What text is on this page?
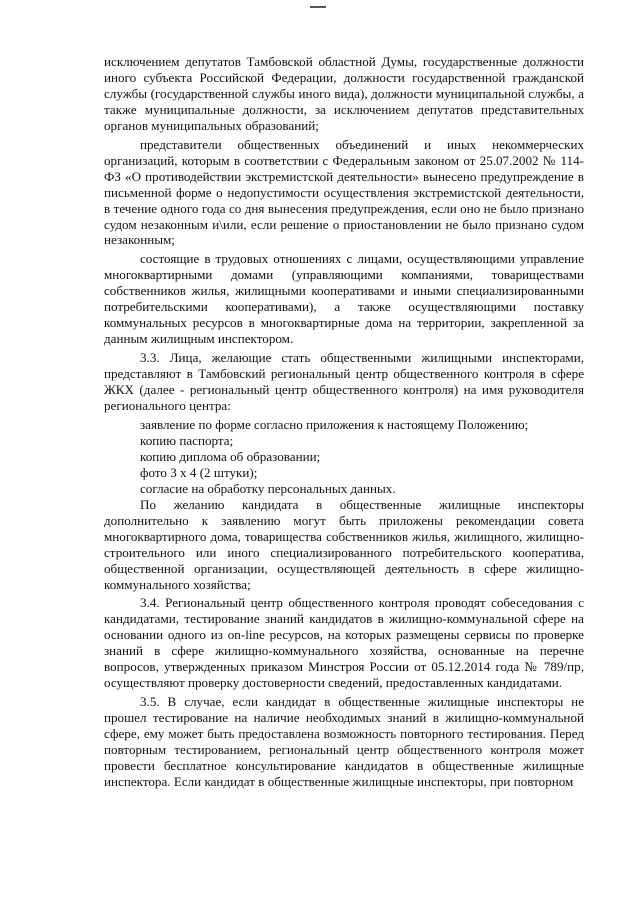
исключением депутатов Тамбовской областной Думы, государственные должности иного субъекта Российской Федерации, должности государственной гражданской службы (государственной службы иного вида), должности муниципальной службы, а также муниципальные должности, за исключением депутатов представительных органов муниципальных образований;

представители общественных объединений и иных некоммерческих организаций, которым в соответствии с Федеральным законом от 25.07.2002 № 114-ФЗ «О противодействии экстремистской деятельности» вынесено предупреждение в письменной форме о недопустимости осуществления экстремистской деятельности, в течение одного года со дня вынесения предупреждения, если оно не было признано судом незаконным и\или, если решение о приостановлении не было признано судом незаконным;

состоящие в трудовых отношениях с лицами, осуществляющими управление многоквартирными домами (управляющими компаниями, товариществами собственников жилья, жилищными кооперативами и иными специализированными потребительскими кооперативами), а также осуществляющими поставку коммунальных ресурсов в многоквартирные дома на территории, закрепленной за данным жилищным инспектором.

3.3. Лица, желающие стать общественными жилищными инспекторами, представляют в Тамбовский региональный центр общественного контроля в сфере ЖКХ (далее - региональный центр общественного контроля) на имя руководителя регионального центра:

заявление по форме согласно приложения к настоящему Положению;

копию паспорта;

копию диплома об образовании;

фото 3 х 4 (2 штуки);

согласие на обработку персональных данных.

По желанию кандидата в общественные жилищные инспекторы дополнительно к заявлению могут быть приложены рекомендации совета многоквартирного дома, товарищества собственников жилья, жилищного, жилищно-строительного или иного специализированного потребительского кооператива, общественной организации, осуществляющей деятельность в сфере жилищно-коммунального хозяйства;

3.4. Региональный центр общественного контроля проводят собеседования с кандидатами, тестирование знаний кандидатов в жилищно-коммунальной сфере на основании одного из on-line ресурсов, на которых размещены сервисы по проверке знаний в сфере жилищно-коммунального хозяйства, основанные на перечне вопросов, утвержденных приказом Минстроя России от 05.12.2014 года № 789/пр, осуществляют проверку достоверности сведений, предоставленных кандидатами.

3.5. В случае, если кандидат в общественные жилищные инспекторы не прошел тестирование на наличие необходимых знаний в жилищно-коммунальной сфере, ему может быть предоставлена возможность повторного тестирования. Перед повторным тестированием, региональный центр общественного контроля может провести бесплатное консультирование кандидатов в общественные жилищные инспектора. Если кандидат в общественные жилищные инспекторы, при повторном
